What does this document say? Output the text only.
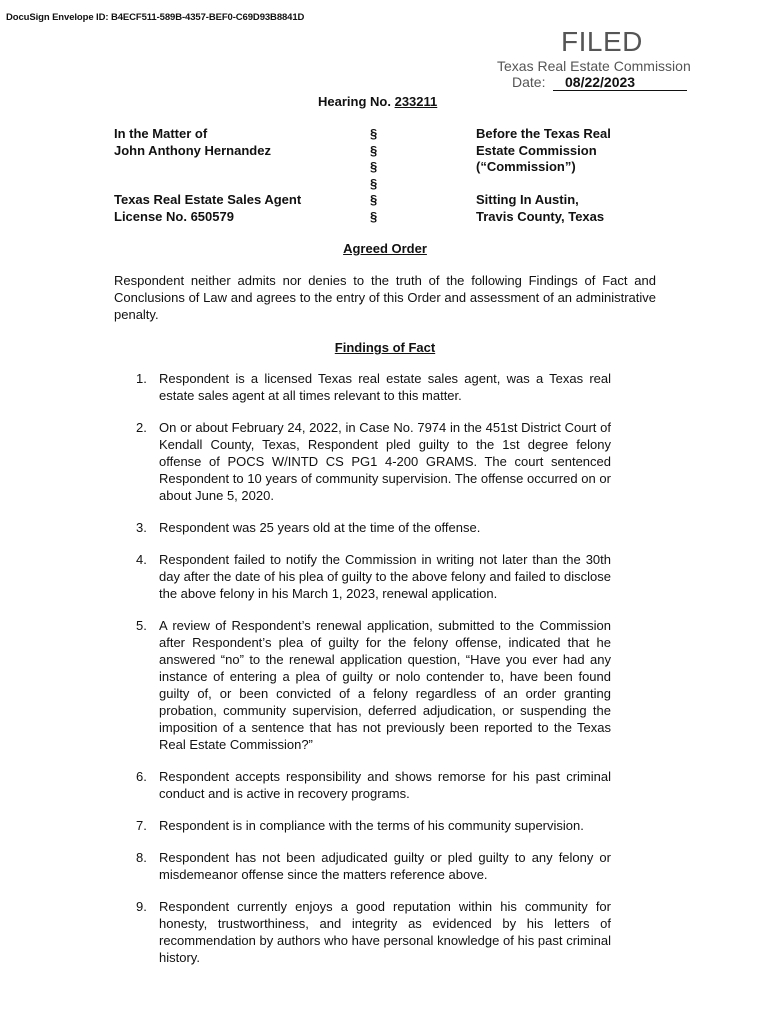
DocuSign Envelope ID: B4ECF511-589B-4357-BEF0-C69D93B8841D
FILED
Texas Real Estate Commission
Date:	08/22/2023
Hearing No. 233211
In the Matter of
John Anthony Hernandez
Texas Real Estate Sales Agent
License No. 650579
§
§
§
§
§
§
Before the Texas Real
Estate Commission
(“Commission”)
Sitting In Austin,
Travis County, Texas
Agreed Order
Respondent neither admits nor denies to the truth of the following Findings of Fact and Conclusions of Law and agrees to the entry of this Order and assessment of an administrative penalty.
Findings of Fact
1. Respondent is a licensed Texas real estate sales agent, was a Texas real estate sales agent at all times relevant to this matter.
2. On or about February 24, 2022, in Case No. 7974 in the 451st District Court of Kendall County, Texas, Respondent pled guilty to the 1st degree felony offense of POCS W/INTD CS PG1 4-200 GRAMS. The court sentenced Respondent to 10 years of community supervision. The offense occurred on or about June 5, 2020.
3. Respondent was 25 years old at the time of the offense.
4. Respondent failed to notify the Commission in writing not later than the 30th day after the date of his plea of guilty to the above felony and failed to disclose the above felony in his March 1, 2023, renewal application.
5. A review of Respondent’s renewal application, submitted to the Commission after Respondent’s plea of guilty for the felony offense, indicated that he answered “no” to the renewal application question, “Have you ever had any instance of entering a plea of guilty or nolo contender to, have been found guilty of, or been convicted of a felony regardless of an order granting probation, community supervision, deferred adjudication, or suspending the imposition of a sentence that has not previously been reported to the Texas Real Estate Commission?”
6. Respondent accepts responsibility and shows remorse for his past criminal conduct and is active in recovery programs.
7. Respondent is in compliance with the terms of his community supervision.
8. Respondent has not been adjudicated guilty or pled guilty to any felony or misdemeanor offense since the matters reference above.
9. Respondent currently enjoys a good reputation within his community for honesty, trustworthiness, and integrity as evidenced by his letters of recommendation by authors who have personal knowledge of his past criminal history.
